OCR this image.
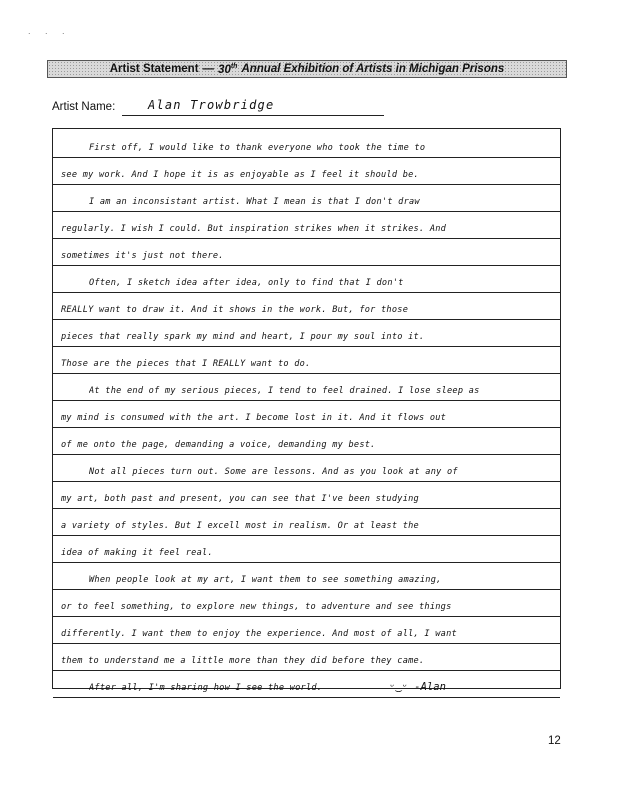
. . .
Artist Statement — 30th Annual Exhibition of Artists in Michigan Prisons
Artist Name:	Alan Trowbridge
First off, I would like to thank everyone who took the time to
see my work. And I hope it is as enjoyable as I feel it should be.
I am an inconsistant artist. What I mean is that I don't draw
regularly. I wish I could. But inspiration strikes when it strikes. And
sometimes it's just not there.
Often, I sketch idea after idea, only to find that I don't
REALLY want to draw it. And it shows in the work. But, for those
pieces that really spark my mind and heart, I pour my soul into it.
Those are the pieces that I REALLY want to do.
At the end of my serious pieces, I tend to feel drained. I lose sleep as
my mind is consumed with the art. I become lost in it. And it flows out
of me onto the page, demanding a voice, demanding my best.
Not all pieces turn out. Some are lessons. And as you look at any of
my art, both past and present, you can see that I've been studying
a variety of styles. But I excell most in realism. Or at least the
idea of making it feel real.
When people look at my art, I want them to see something amazing,
or to feel something, to explore new things, to adventure and see things
differently. I want them to enjoy the experience. And most of all, I want
them to understand me a little more than they did before they came.
After all, I'm sharing how I see the world.	ᵕ‿ᵕ -Alan
12
